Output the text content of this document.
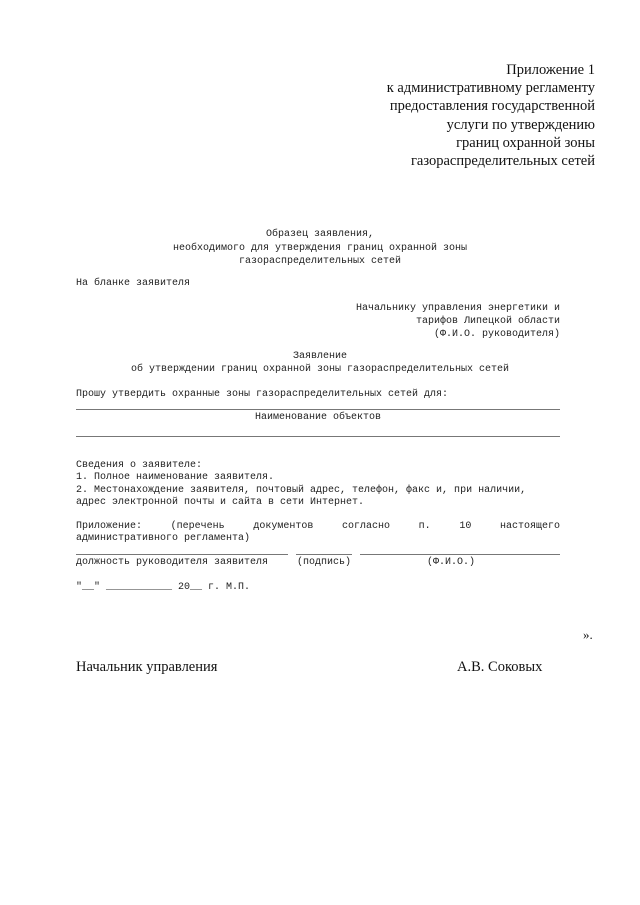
Приложение 1
к административному регламенту
предоставления государственной
услуги по утверждению
границ охранной зоны
газораспределительных сетей
Образец заявления,
необходимого для утверждения границ охранной зоны
газораспределительных сетей
На бланке заявителя
Начальнику управления энергетики и
тарифов Липецкой области
(Ф.И.О. руководителя)
Заявление
об утверждении границ охранной зоны газораспределительных сетей
Прошу утвердить охранные зоны газораспределительных сетей для:
Наименование объектов
Сведения о заявителе:
1. Полное наименование заявителя.
2. Местонахождение заявителя, почтовый адрес, телефон, факс и, при наличии,
адрес электронной почты и сайта в сети Интернет.
Приложение: (перечень документов согласно п. 10 настоящего
административного регламента)
должность руководителя заявителя	(подпись)	(Ф.И.О.)
"__" ___________ 20__ г. М.П.
».
Начальник управления	А.В. Соковых
